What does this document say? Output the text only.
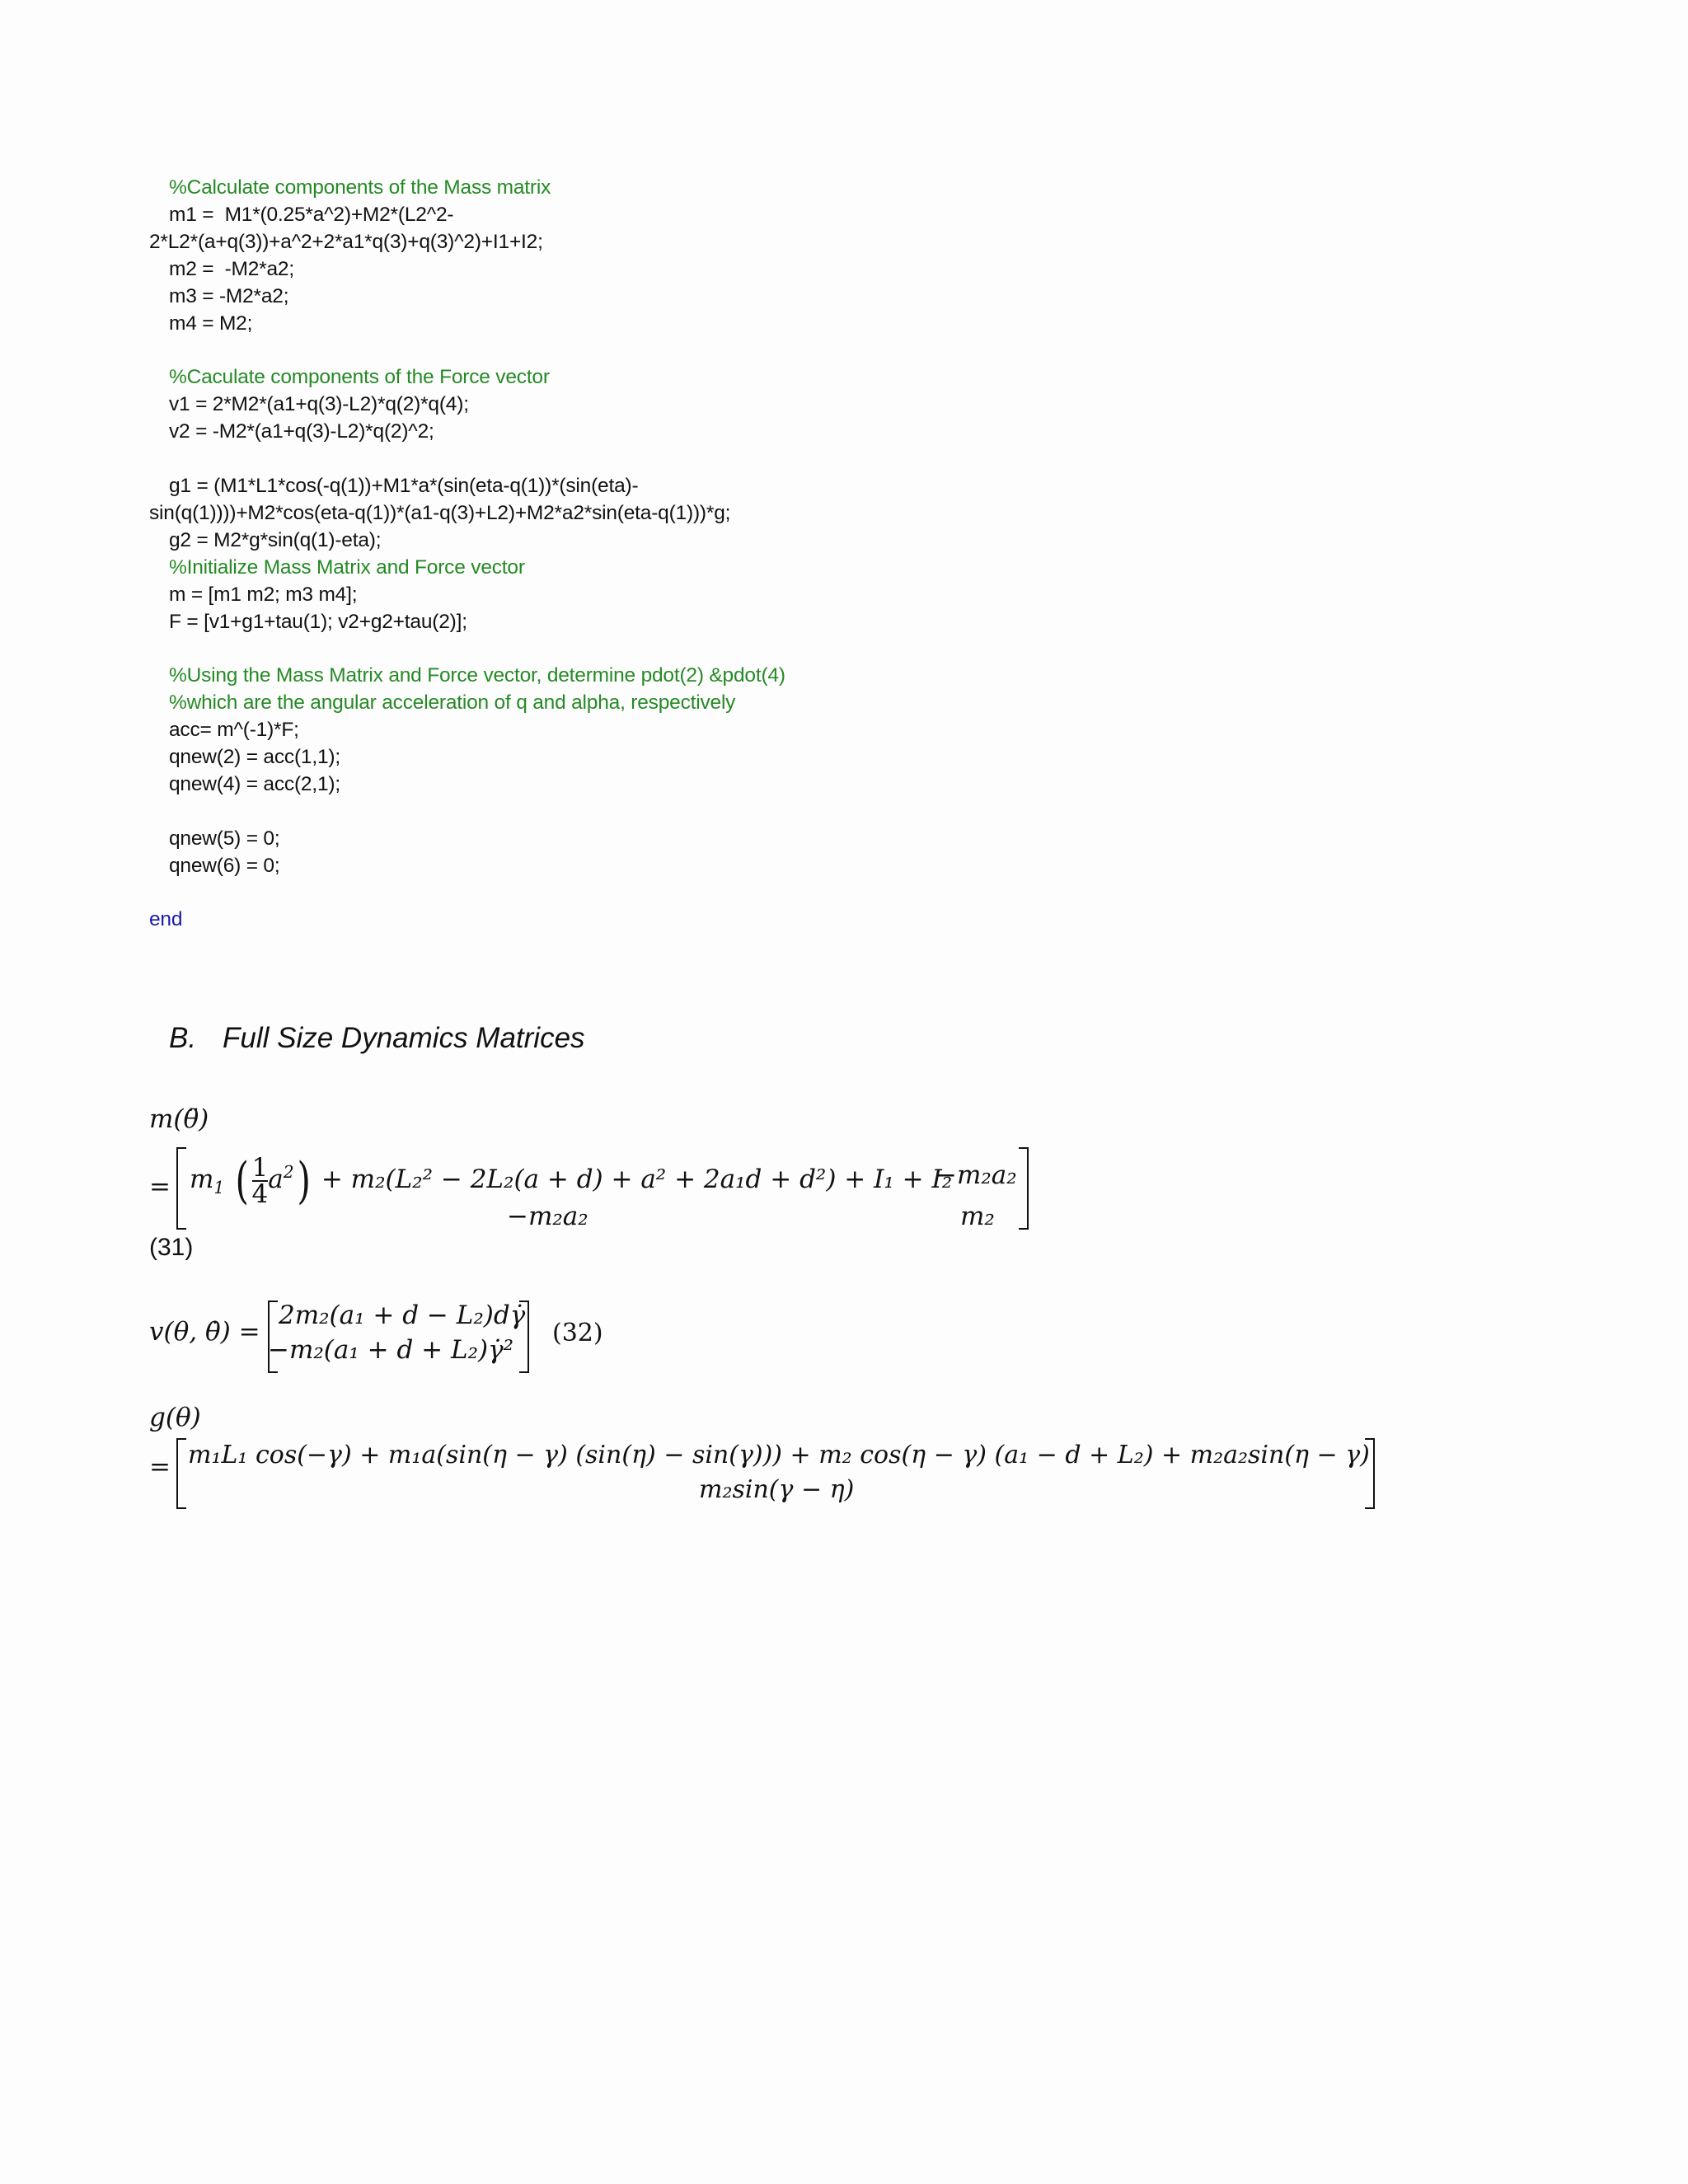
%Calculate components of the Mass matrix
m1 =  M1*(0.25*a^2)+M2*(L2^2-
2*L2*(a+q(3))+a^2+2*a1*q(3)+q(3)^2)+I1+I2;
m2 =  -M2*a2;
m3 = -M2*a2;
m4 = M2;
%Caculate components of the Force vector
v1 = 2*M2*(a1+q(3)-L2)*q(2)*q(4);
v2 = -M2*(a1+q(3)-L2)*q(2)^2;
g1 = (M1*L1*cos(-q(1))+M1*a*(sin(eta-q(1))*(sin(eta)-
sin(q(1))))+M2*cos(eta-q(1))*(a1-q(3)+L2)+M2*a2*sin(eta-q(1)))*g;
g2 = M2*g*sin(q(1)-eta);
%Initialize Mass Matrix and Force vector
m = [m1 m2; m3 m4];
F = [v1+g1+tau(1); v2+g2+tau(2)];
%Using the Mass Matrix and Force vector, determine pdot(2) &pdot(4)
%which are the angular acceleration of q and alpha, respectively
acc= m^(-1)*F;
qnew(2) = acc(1,1);
qnew(4) = acc(2,1);
qnew(5) = 0;
qnew(6) = 0;
end
B. Full Size Dynamics Matrices
m(θ̈)
= $m_1$ ( $\frac{1}{4} a^2) + m_2(L_2^2 - 2L_2(a + d) + a^2 + 2a_1d + d^2) + I_1 + I_2$
−m₂a₂
−m₂a₂	m₂
(31)
v(θ, θ̇) =
2m₂(a₁ + d − L₂)dγ̇
−m₂(a₁ + d + L₂)γ̇²
(32)
g(θ)
= m₁L₁ cos(−γ) + m₁a(sin(η − γ) (sin(η) − sin(γ))) + m₂ cos(η − γ) (a₁ − d + L₂) + m₂a₂sin(η − γ)
m₂sin(γ − η)
